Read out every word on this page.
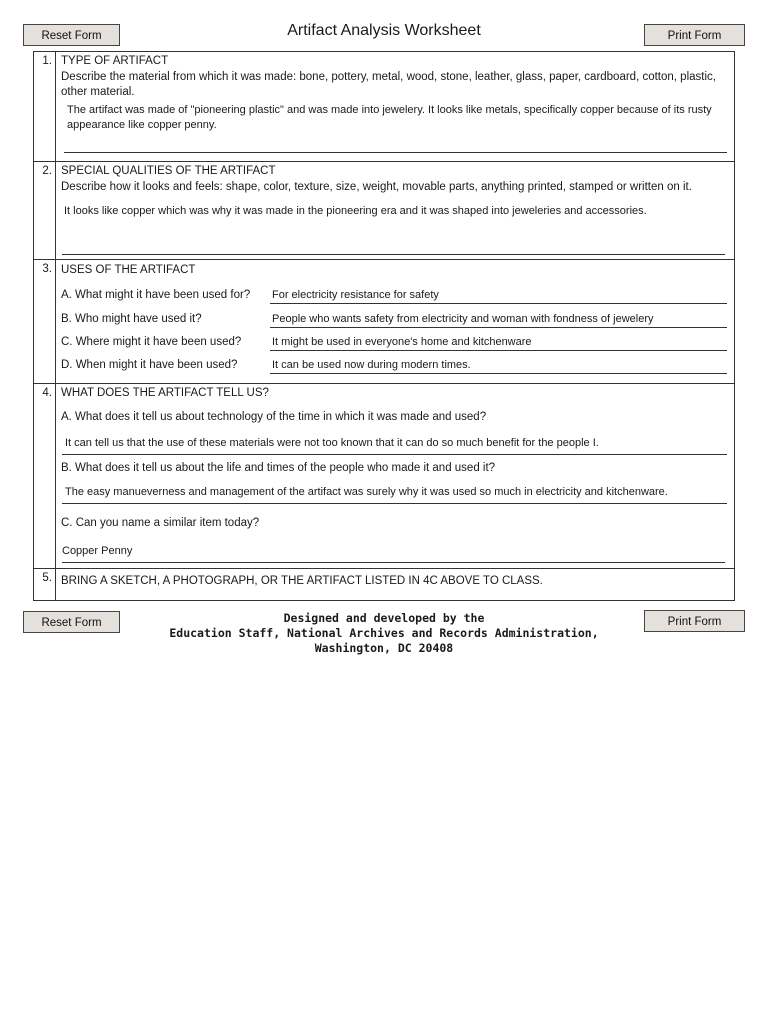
Reset Form	Artifact Analysis Worksheet	Print Form
1. TYPE OF ARTIFACT
Describe the material from which it was made: bone, pottery, metal, wood, stone, leather, glass, paper, cardboard, cotton, plastic, other material.
The artifact was made of "pioneering plastic" and was made into jewelery. It looks like metals, specifically copper because of its rusty appearance like copper penny.
2. SPECIAL QUALITIES OF THE ARTIFACT
Describe how it looks and feels: shape, color, texture, size, weight, movable parts, anything printed, stamped or written on it.
It looks like copper which was why it was made in the pioneering era and it was shaped into jeweleries and accessories.
3. USES OF THE ARTIFACT
A. What might it have been used for? For electricity resistance for safety
B. Who might have used it?	People who wants safety from electricity and woman with fondness of jewelery
C. Where might it have been used?	It might be used in everyone's home and kitchenware
D. When might it have been used?	It can be used now during modern times.
4. WHAT DOES THE ARTIFACT TELL US?
A. What does it tell us about technology of the time in which it was made and used?
It can tell us that the use of these materials were not too known that it can do so much benefit for the people I.
B. What does it tell us about the life and times of the people who made it and used it?
The easy manueverness and management of the artifact was surely why it was used so much in electricity and kitchenware.
C. Can you name a similar item today?
Copper Penny
5. BRING A SKETCH, A PHOTOGRAPH, OR THE ARTIFACT LISTED IN 4C ABOVE TO CLASS.
Reset Form	Print Form
Designed and developed by the
Education Staff, National Archives and Records Administration,
Washington, DC 20408
